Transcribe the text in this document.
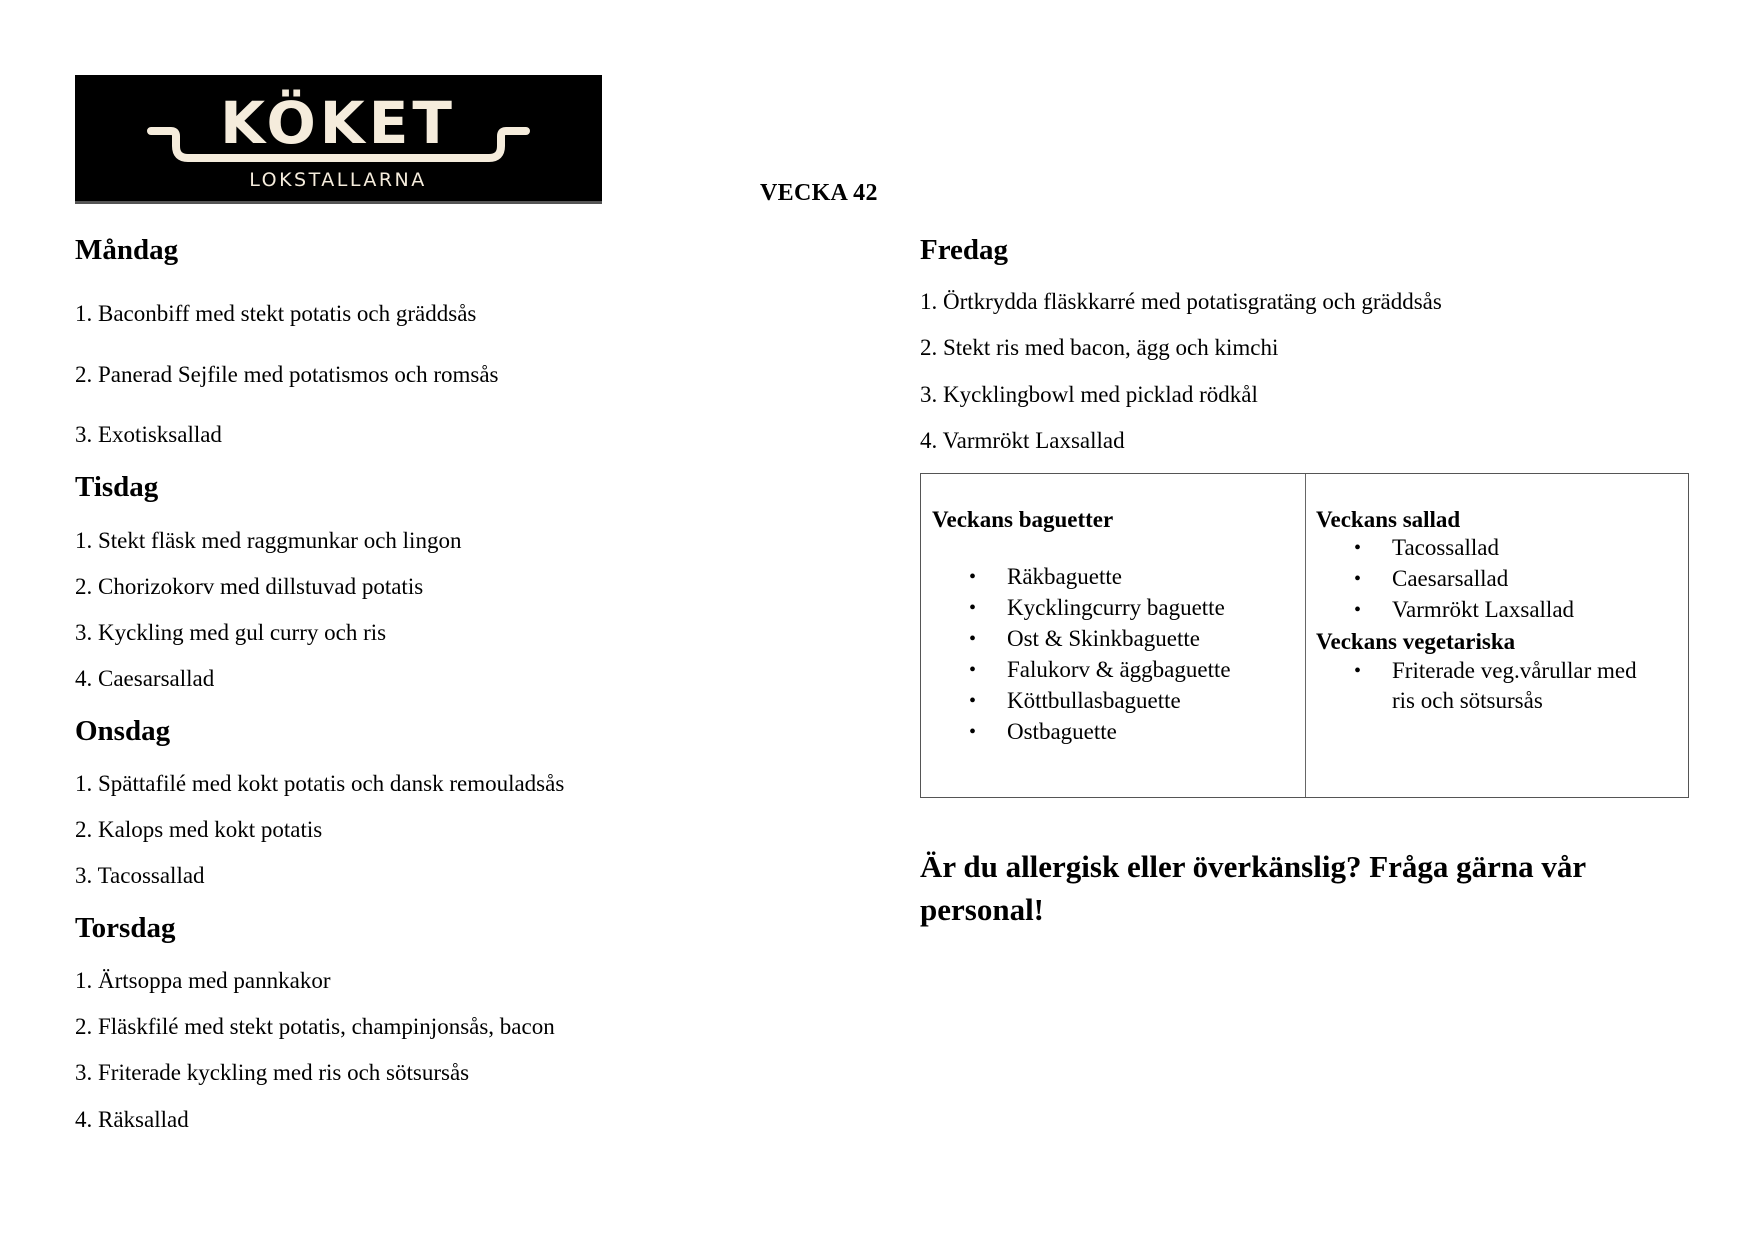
KÖKET
LOKSTALLARNA	VECKA 42
Måndag
1. Baconbiff med stekt potatis och gräddsås
2. Panerad Sejfile med potatismos och romsås
3. Exotisksallad
Tisdag
1. Stekt fläsk med raggmunkar och lingon
2. Chorizokorv med dillstuvad potatis
3. Kyckling med gul curry och ris
4. Caesarsallad
Onsdag
1. Spättafilé med kokt potatis och dansk remouladsås
2. Kalops med kokt potatis
3. Tacossallad
Torsdag
1. Ärtsoppa med pannkakor
2. Fläskfilé med stekt potatis, champinjonsås, bacon
3. Friterade kyckling med ris och sötsursås
4. Räksallad
Fredag
1. Örtkrydda fläskkarré med potatisgratäng och gräddsås
2. Stekt ris med bacon, ägg och kimchi
3. Kycklingbowl med picklad rödkål
4. Varmrökt Laxsallad
Veckans baguetter
• Räkbaguette
• Kycklingcurry baguette
• Ost & Skinkbaguette
• Falukorv & äggbaguette
• Köttbullasbaguette
• Ostbaguette
Veckans sallad
• Tacossallad
• Caesarsallad
• Varmrökt Laxsallad
Veckans vegetariska
• Friterade veg.vårullar med
ris och sötsursås
Är du allergisk eller överkänslig? Fråga gärna vår personal!
